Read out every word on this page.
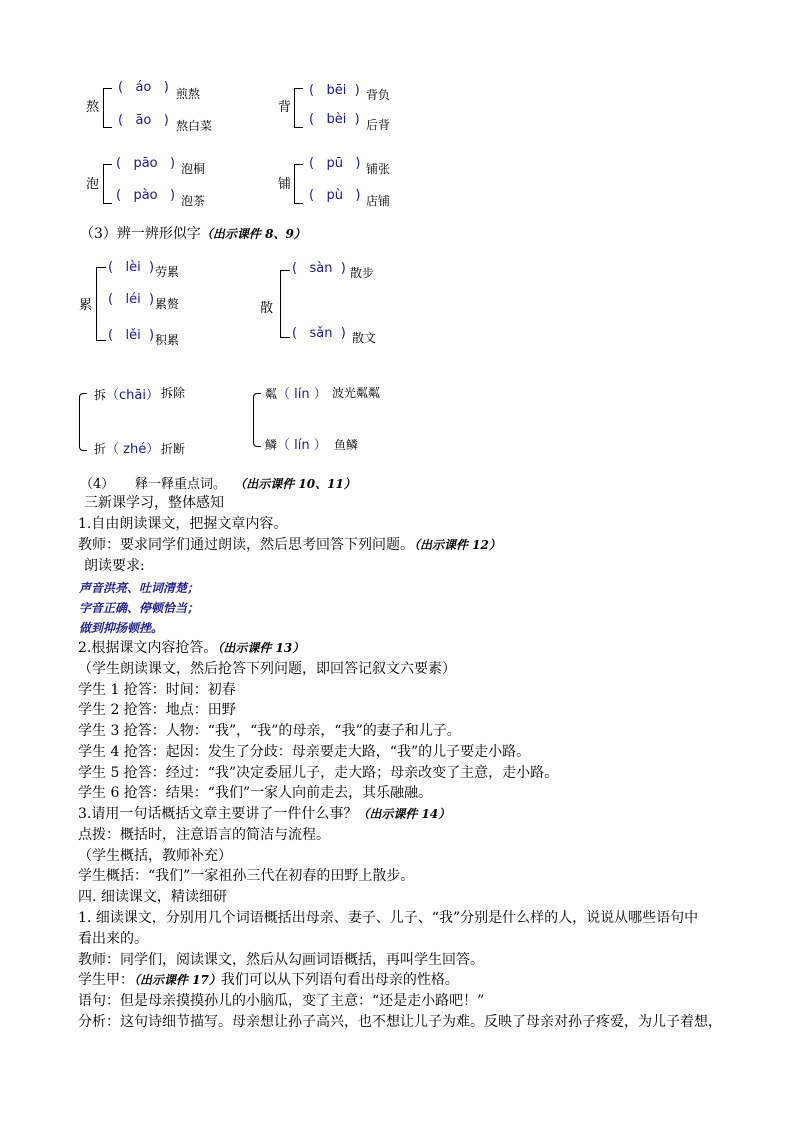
熬
(   áo   ) 煎熬
(   āo   ) 熬白菜
背
(   bēi  ) 背负
(   bèi  ) 后背
泡
(   pāo   ) 泡桐
(   pào   ) 泡茶
铺
(   pū   ) 铺张
(   pù   ) 店铺
（3）辨一辨形似字（出示课件 8、9）
累
(   lèi  ) 劳累
(   léi  ) 累赘
(   lěi  ) 积累
散
(   sàn  ) 散步
(   sǎn  ) 散文
拆（chāi） 拆除
折（ zhé） 折断
粼（ lín ） 波光粼粼
鳞（ lín ） 鱼鳞
（4） 释一释重点词。 （出示课件 10、11）
三新课学习，整体感知
1.自由朗读课文，把握文章内容。
教师：要求同学们通过朗读，然后思考回答下列问题。（出示课件 12）
朗读要求:
声音洪亮、吐词清楚；
字音正确、停顿恰当；
做到抑扬顿挫。
2.根据课文内容抢答。（出示课件 13）
（学生朗读课文，然后抢答下列问题，即回答记叙文六要素）
学生 1 抢答：时间：初春
学生 2 抢答：地点：田野
学生 3 抢答：人物：“我”，“我”的母亲，“我”的妻子和儿子。
学生 4 抢答：起因：发生了分歧：母亲要走大路，“我”的儿子要走小路。
学生 5 抢答：经过：“我”决定委屈儿子，走大路；母亲改变了主意，走小路。
学生 6 抢答：结果：“我们”一家人向前走去，其乐融融。
3.请用一句话概括文章主要讲了一件什么事？（出示课件 14）
点拨：概括时，注意语言的简洁与流程。
（学生概括，教师补充）
学生概括：“我们”一家祖孙三代在初春的田野上散步。
四. 细读课文，精读细研
1. 细读课文，分别用几个词语概括出母亲、妻子、儿子、“我”分别是什么样的人，说说从哪些语句中
看出来的。
教师：同学们，阅读课文，然后从勾画词语概括，再叫学生回答。
学生甲：（出示课件 17）我们可以从下列语句看出母亲的性格。
语句：但是母亲摸摸孙儿的小脑瓜，变了主意：“还是走小路吧！”
分析：这句诗细节描写。母亲想让孙子高兴，也不想让儿子为难。反映了母亲对孙子疼爱，为儿子着想，
